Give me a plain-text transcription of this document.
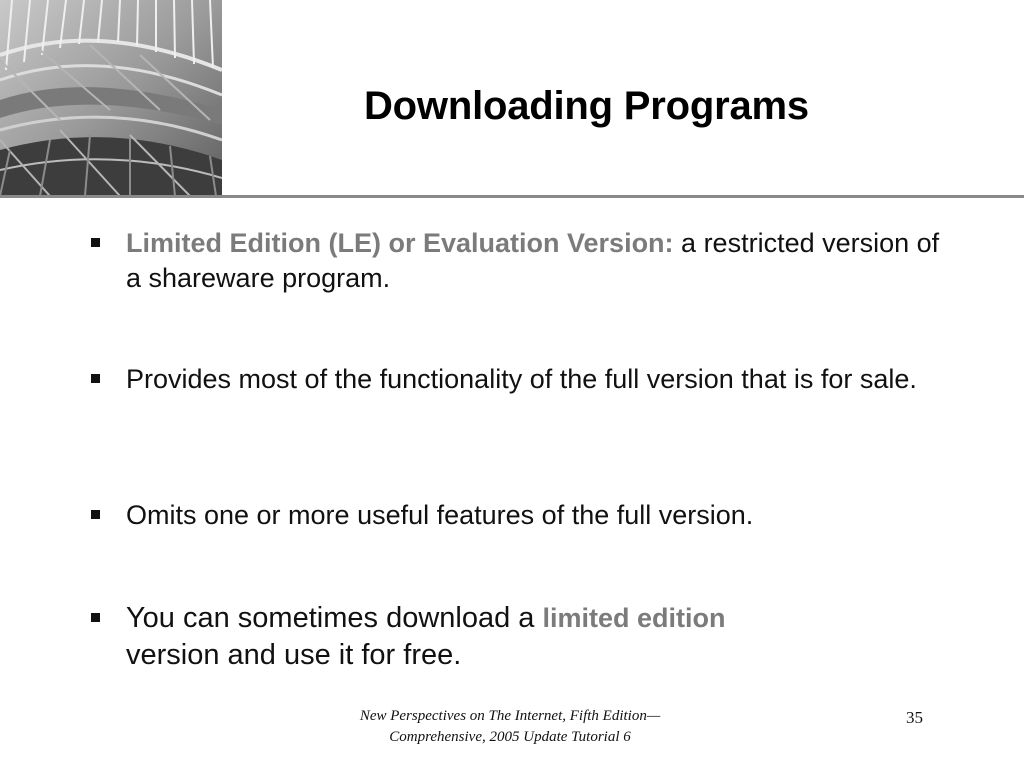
Downloading Programs
Limited Edition (LE) or Evaluation Version: a restricted version of a shareware program.
Provides most of the functionality of the full version that is for sale.
Omits one or more useful features of the full version.
You can sometimes download a limited edition
version and use it for free.
New Perspectives on The Internet, Fifth Edition—
Comprehensive, 2005 Update Tutorial 6
35
